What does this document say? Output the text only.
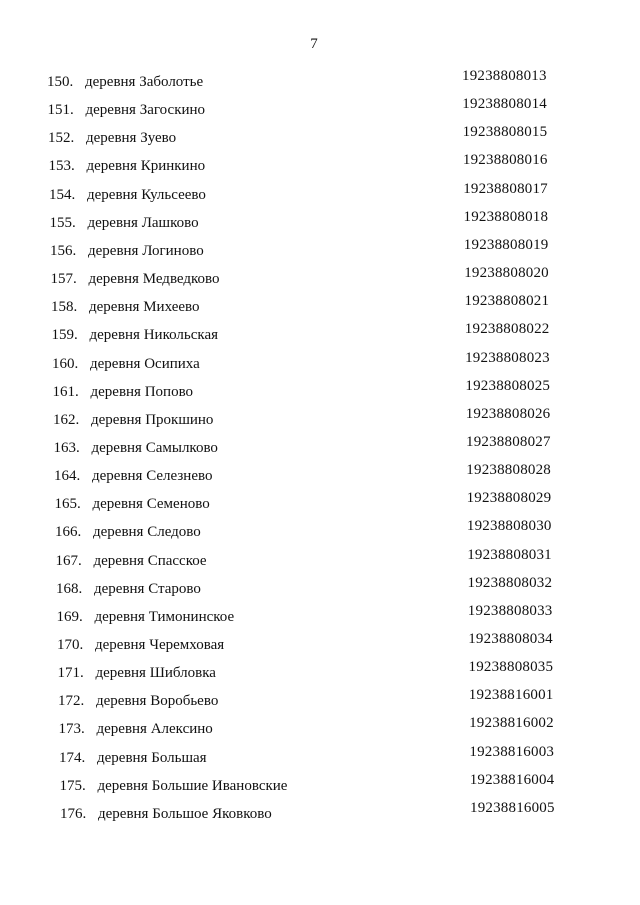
7
150. деревня Заболотье	19238808013
151. деревня Загоскино	19238808014
152. деревня Зуево	19238808015
153. деревня Кринкино	19238808016
154. деревня Кульсеево	19238808017
155. деревня Лашково	19238808018
156. деревня Логиново	19238808019
157. деревня Медведково	19238808020
158. деревня Михеево	19238808021
159. деревня Никольская	19238808022
160. деревня Осипиха	19238808023
161. деревня Попово	19238808025
162. деревня Прокшино	19238808026
163. деревня Самылково	19238808027
164. деревня Селезнево	19238808028
165. деревня Семеново	19238808029
166. деревня Следово	19238808030
167. деревня Спасское	19238808031
168. деревня Старово	19238808032
169. деревня Тимонинское	19238808033
170. деревня Черемховая	19238808034
171. деревня Шибловка	19238808035
172. деревня Воробьево	19238816001
173. деревня Алексино	19238816002
174. деревня Большая	19238816003
175. деревня Большие Ивановские	19238816004
176. деревня Большое Яковково	19238816005
